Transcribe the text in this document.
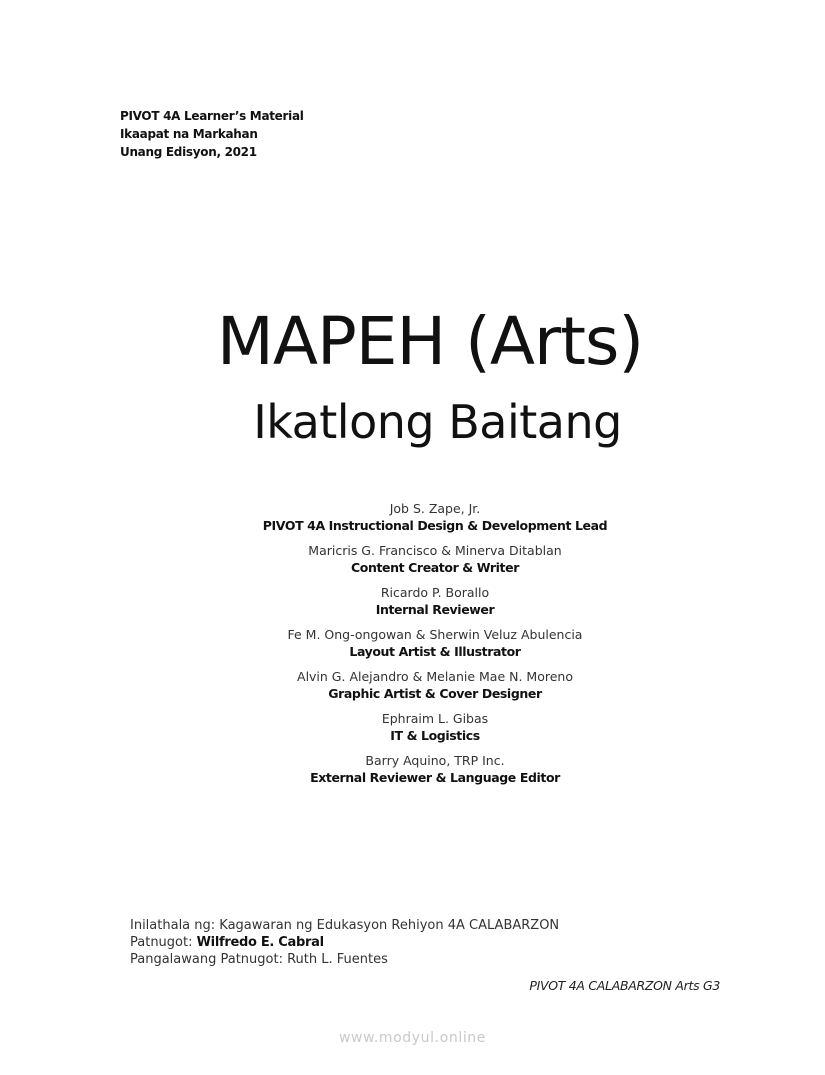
PIVOT 4A Learner’s Material
Ikaapat na Markahan
Unang Edisyon, 2021
MAPEH (Arts)
Ikatlong Baitang
Job S. Zape, Jr.
PIVOT 4A Instructional Design & Development Lead
Maricris G. Francisco & Minerva Ditablan
Content Creator & Writer
Ricardo P. Borallo
Internal Reviewer
Fe M. Ong-ongowan & Sherwin Veluz Abulencia
Layout Artist & Illustrator
Alvin G. Alejandro & Melanie Mae N. Moreno
Graphic Artist & Cover Designer
Ephraim L. Gibas
IT & Logistics
Barry Aquino, TRP Inc.
External Reviewer & Language Editor
Inilathala ng: Kagawaran ng Edukasyon Rehiyon 4A CALABARZON
Patnugot: Wilfredo E. Cabral
Pangalawang Patnugot: Ruth L. Fuentes
PIVOT 4A CALABARZON Arts G3
www.modyul.online
